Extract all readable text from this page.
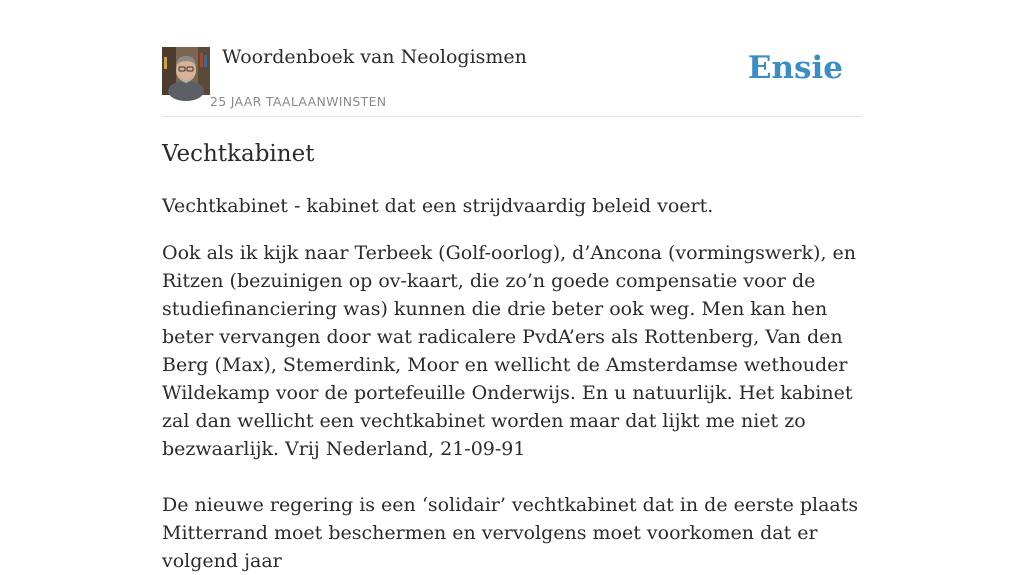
Woordenboek van Neologismen
25 JAAR TAALAANWINSTEN
Ensie
Vechtkabinet

Vechtkabinet - kabinet dat een strijdvaardig beleid voert.

Ook als ik kijk naar Terbeek (Golf-oorlog), d’Ancona (vormingswerk), en Ritzen (bezuinigen op ov-kaart, die zo’n goede compensatie voor de studiefinanciering was) kunnen die drie beter ook weg. Men kan hen beter vervangen door wat radicalere PvdA’ers als Rottenberg, Van den Berg (Max), Stemerdink, Moor en wellicht de Amsterdamse wethouder Wildekamp voor de portefeuille Onderwijs. En u natuurlijk. Het kabinet zal dan wellicht een vechtkabinet worden maar dat lijkt me niet zo bezwaarlijk. Vrij Nederland, 21-09-91

De nieuwe regering is een ‘solidair’ vechtkabinet dat in de eerste plaats Mitterrand moet beschermen en vervolgens moet voorkomen dat er volgend jaar
